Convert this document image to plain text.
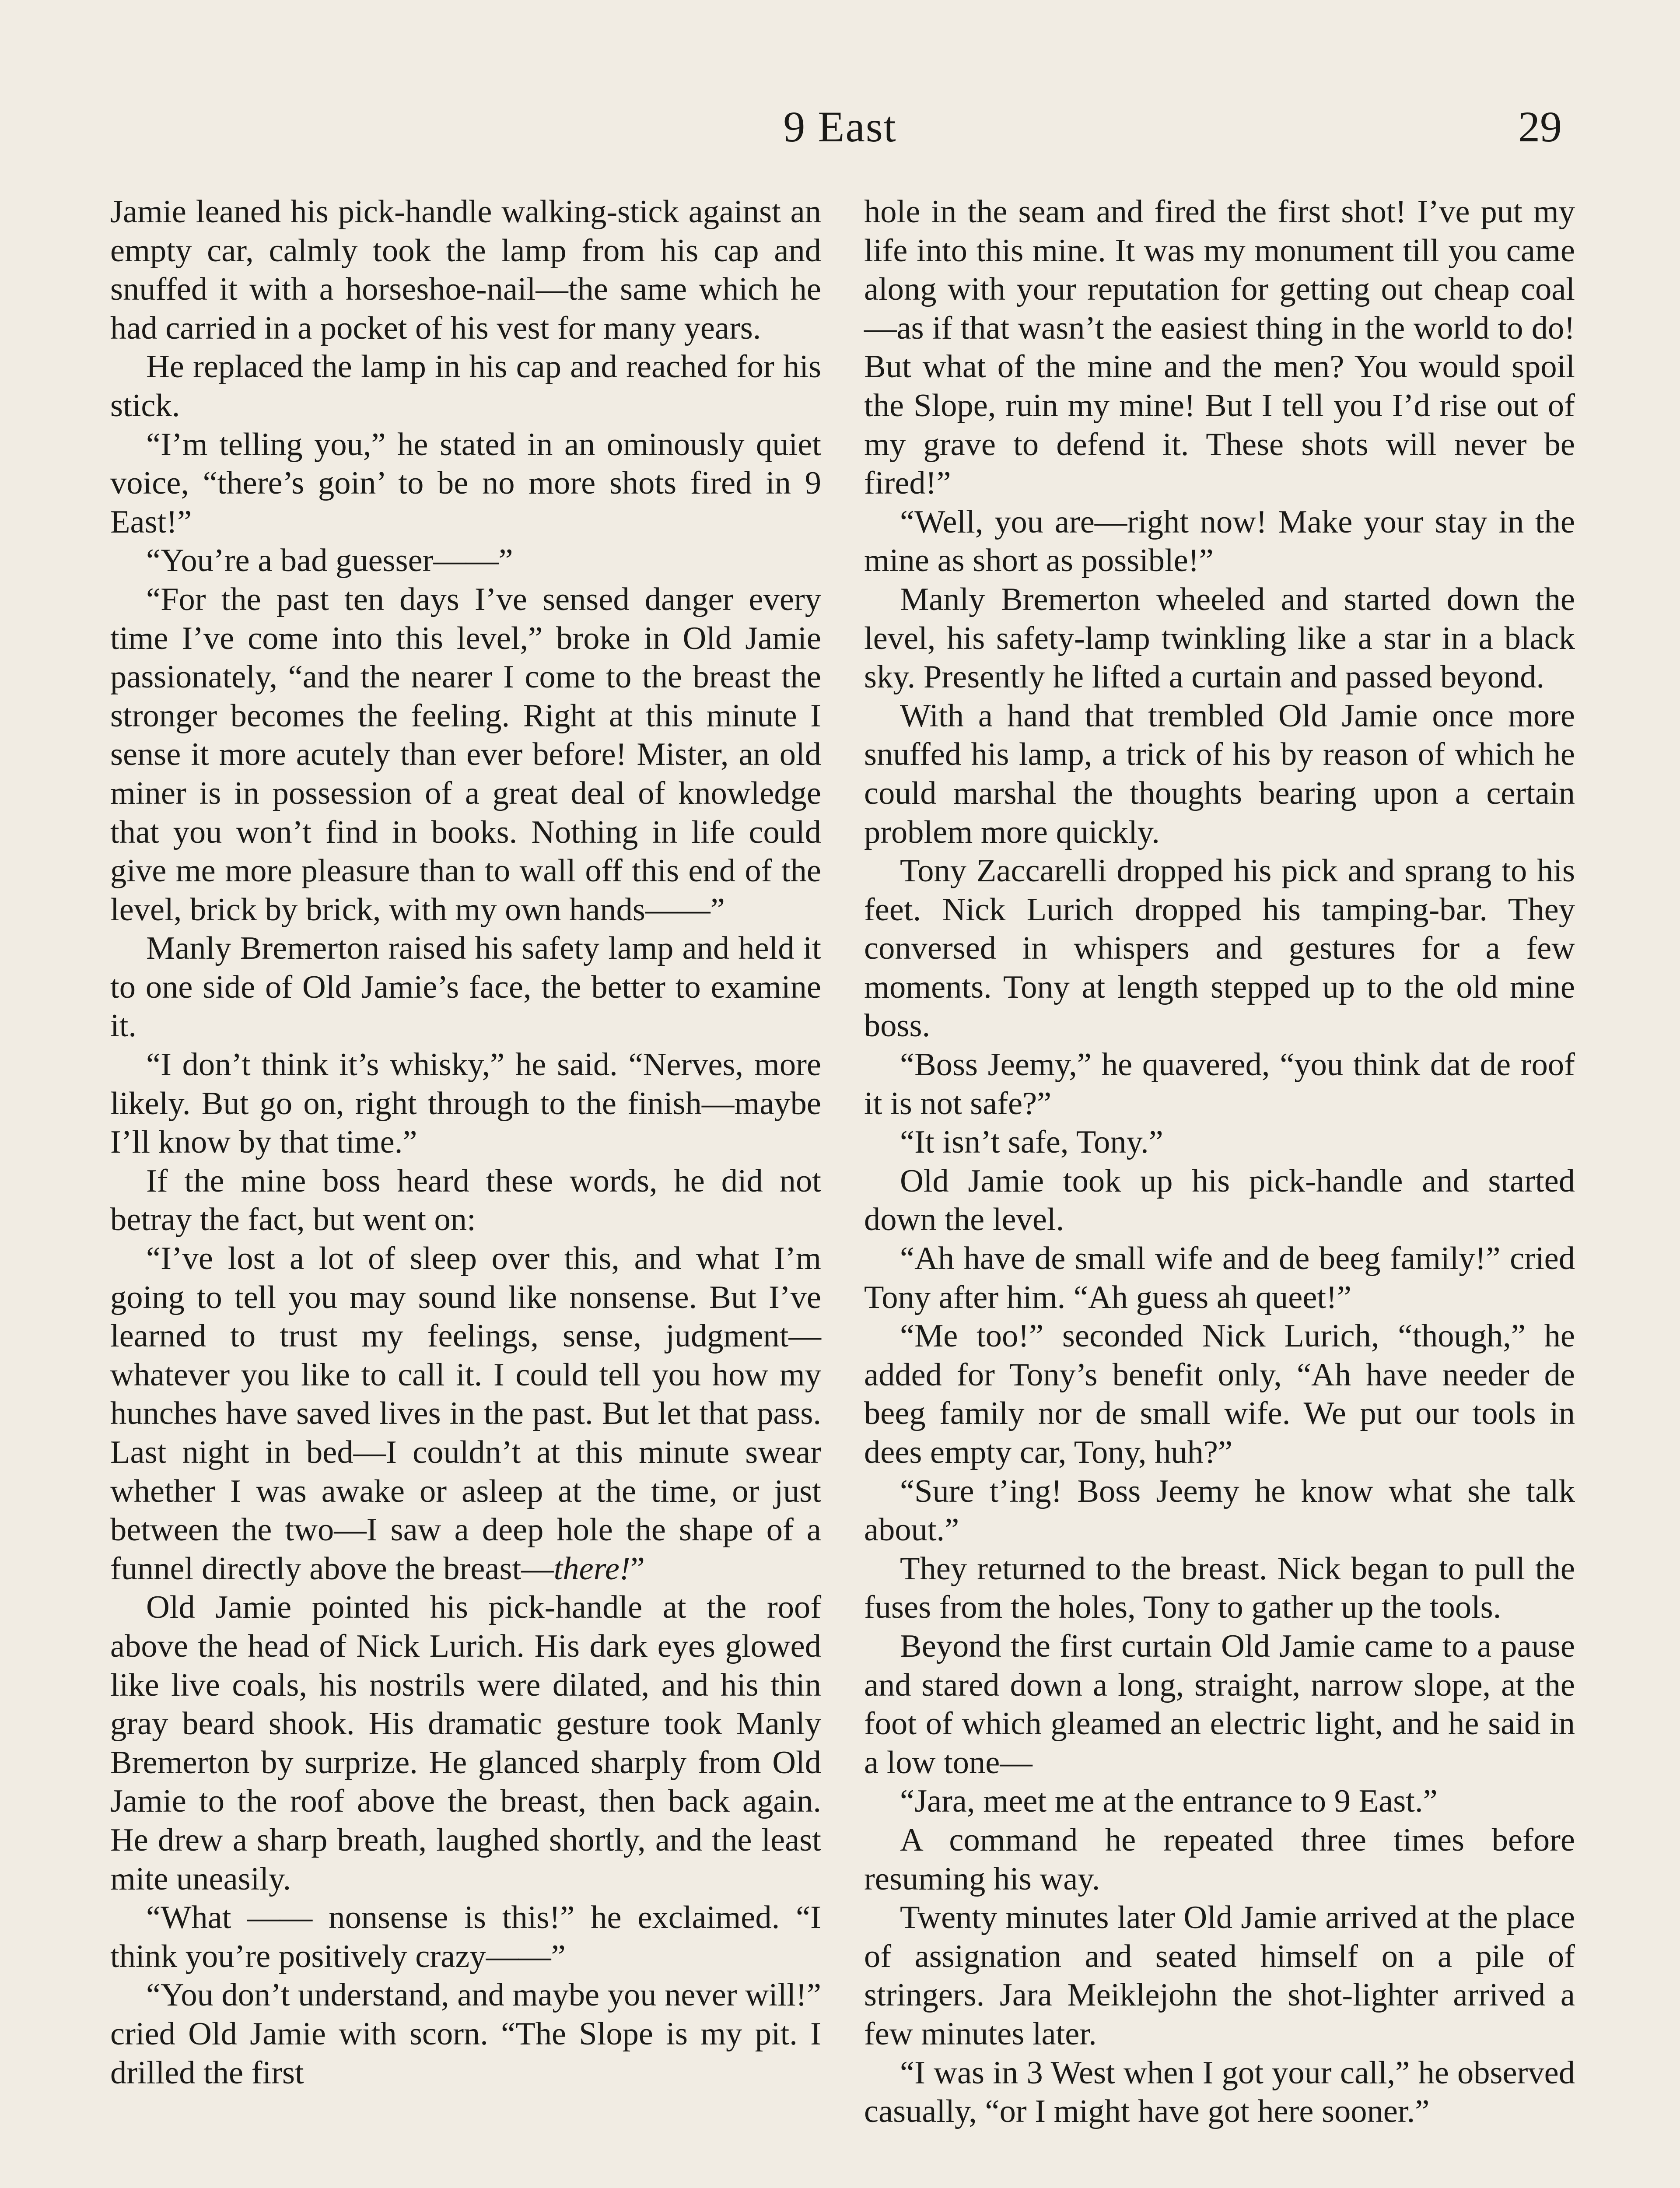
9 East	29

Jamie leaned his pick-handle walking-stick against an empty car, calmly took the lamp from his cap and snuffed it with a horseshoe-nail—the same which he had carried in a pocket of his vest for many years.

He replaced the lamp in his cap and reached for his stick.

“I’m telling you,” he stated in an ominously quiet voice, “there’s goin’ to be no more shots fired in 9 East!”

“You’re a bad guesser——”

“For the past ten days I’ve sensed danger every time I’ve come into this level,” broke in Old Jamie passionately, “and the nearer I come to the breast the stronger becomes the feeling. Right at this minute I sense it more acutely than ever before! Mister, an old miner is in possession of a great deal of knowledge that you won’t find in books. Nothing in life could give me more pleasure than to wall off this end of the level, brick by brick, with my own hands——”

Manly Bremerton raised his safety lamp and held it to one side of Old Jamie’s face, the better to examine it.

“I don’t think it’s whisky,” he said. “Nerves, more likely. But go on, right through to the finish—maybe I’ll know by that time.”

If the mine boss heard these words, he did not betray the fact, but went on:

“I’ve lost a lot of sleep over this, and what I’m going to tell you may sound like nonsense. But I’ve learned to trust my feelings, sense, judgment—whatever you like to call it. I could tell you how my hunches have saved lives in the past. But let that pass. Last night in bed—I couldn’t at this minute swear whether I was awake or asleep at the time, or just between the two—I saw a deep hole the shape of a funnel directly above the breast—there!”

Old Jamie pointed his pick-handle at the roof above the head of Nick Lurich. His dark eyes glowed like live coals, his nostrils were dilated, and his thin gray beard shook. His dramatic gesture took Manly Bremerton by surprize. He glanced sharply from Old Jamie to the roof above the breast, then back again. He drew a sharp breath, laughed shortly, and the least mite uneasily.

“What —— nonsense is this!” he exclaimed. “I think you’re positively crazy——”

“You don’t understand, and maybe you never will!” cried Old Jamie with scorn. “The Slope is my pit. I drilled the first

hole in the seam and fired the first shot! I’ve put my life into this mine. It was my monument till you came along with your reputation for getting out cheap coal—as if that wasn’t the easiest thing in the world to do! But what of the mine and the men? You would spoil the Slope, ruin my mine! But I tell you I’d rise out of my grave to defend it. These shots will never be fired!”

“Well, you are—right now! Make your stay in the mine as short as possible!”

Manly Bremerton wheeled and started down the level, his safety-lamp twinkling like a star in a black sky. Presently he lifted a curtain and passed beyond.

With a hand that trembled Old Jamie once more snuffed his lamp, a trick of his by reason of which he could marshal the thoughts bearing upon a certain problem more quickly.

Tony Zaccarelli dropped his pick and sprang to his feet. Nick Lurich dropped his tamping-bar. They conversed in whispers and gestures for a few moments. Tony at length stepped up to the old mine boss.

“Boss Jeemy,” he quavered, “you think dat de roof it is not safe?”

“It isn’t safe, Tony.”

Old Jamie took up his pick-handle and started down the level.

“Ah have de small wife and de beeg family!” cried Tony after him. “Ah guess ah queet!”

“Me too!” seconded Nick Lurich, “though,” he added for Tony’s benefit only, “Ah have needer de beeg family nor de small wife. We put our tools in dees empty car, Tony, huh?”

“Sure t’ing! Boss Jeemy he know what she talk about.”

They returned to the breast. Nick began to pull the fuses from the holes, Tony to gather up the tools.

Beyond the first curtain Old Jamie came to a pause and stared down a long, straight, narrow slope, at the foot of which gleamed an electric light, and he said in a low tone—

“Jara, meet me at the entrance to 9 East.”

A command he repeated three times before resuming his way.

Twenty minutes later Old Jamie arrived at the place of assignation and seated himself on a pile of stringers. Jara Meiklejohn the shot-lighter arrived a few minutes later.

“I was in 3 West when I got your call,” he observed casually, “or I might have got here sooner.”
